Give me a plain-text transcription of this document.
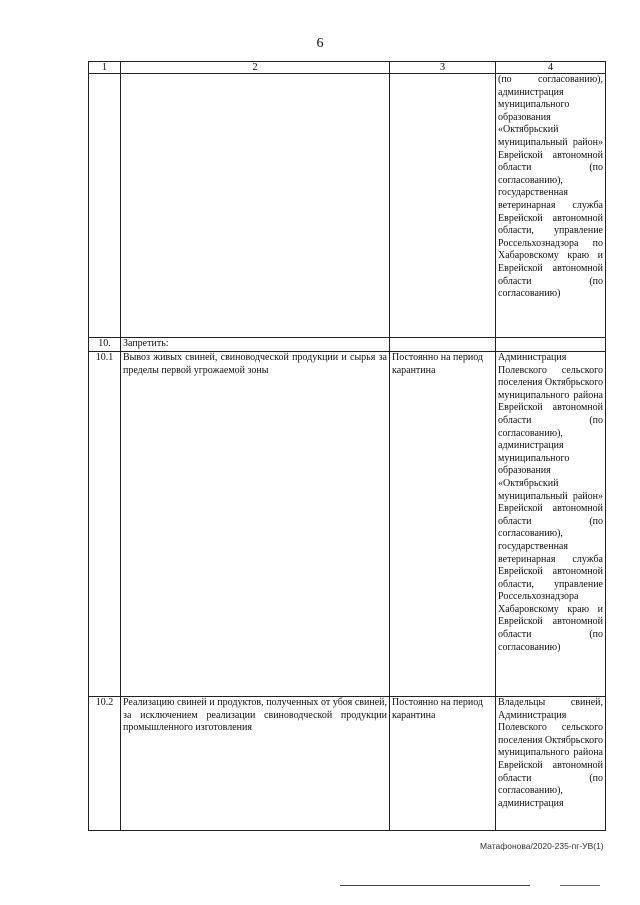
6
1	2	3	4
			(по согласованию), администрация муниципального образования «Октябрьский муниципальный район» Еврейской автономной области (по согласованию), государственная ветеринарная служба Еврейской автономной области, управление Россельхознадзора по Хабаровскому краю и Еврейской автономной области (по согласованию)
10.	Запретить:		
10.1	Вывоз живых свиней, свиноводческой продукции и сырья за пределы первой угрожаемой зоны	Постоянно на период карантина	Администрация Полевского сельского поселения Октябрьского муниципального района Еврейской автономной области (по согласованию), администрация муниципального образования «Октябрьский муниципальный район» Еврейской автономной области (по согласованию), государственная ветеринарная служба Еврейской автономной области, управление Россельхознадзора Хабаровскому краю и Еврейской автономной области (по согласованию)
10.2	Реализацию свиней и продуктов, полученных от убоя свиней, за исключением реализации свиноводческой продукции промышленного изготовления	Постоянно на период карантина	Владельцы свиней, Администрация Полевского сельского поселения Октябрьского муниципального района Еврейской автономной области (по согласованию), администрация
Матафонова/2020-235-пг-УВ(1)
